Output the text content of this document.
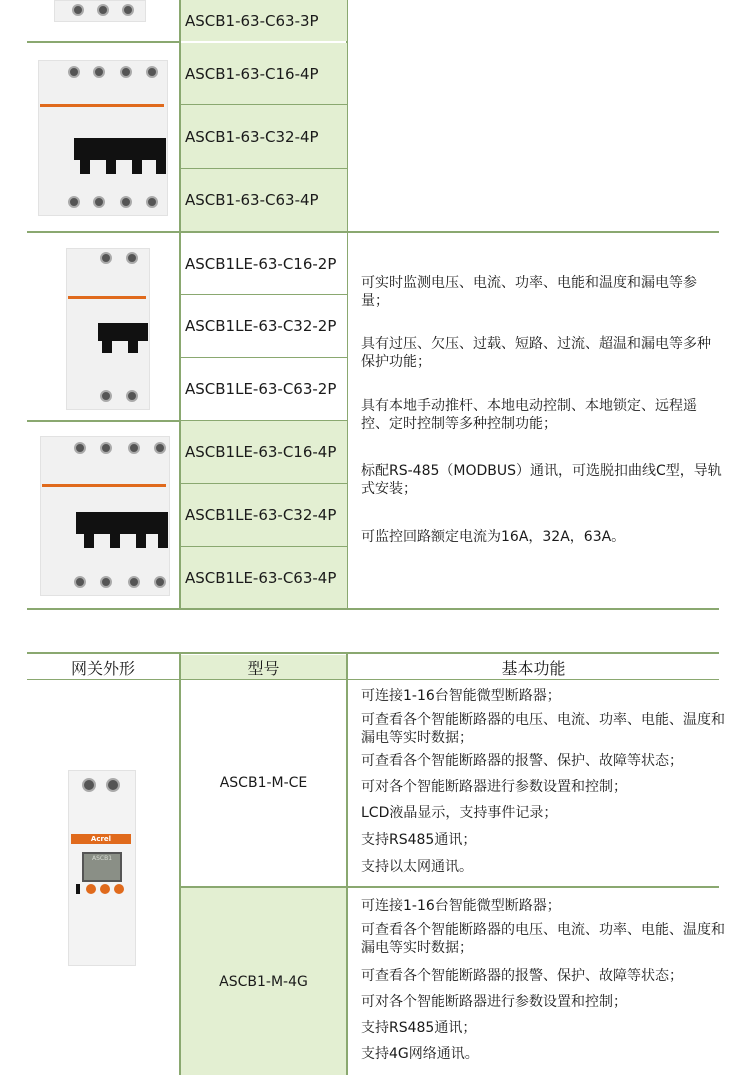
ASCB1-63-C63-3P
ASCB1-63-C16-4P
ASCB1-63-C32-4P
ASCB1-63-C63-4P
ASCB1LE-63-C16-2P
ASCB1LE-63-C32-2P
ASCB1LE-63-C63-2P
ASCB1LE-63-C16-4P
ASCB1LE-63-C32-4P
ASCB1LE-63-C63-4P
可实时监测电压、电流、功率、电能和温度和漏电等参量；
具有过压、欠压、过载、短路、过流、超温和漏电等多种保护功能；
具有本地手动推杆、本地电动控制、本地锁定、远程遥控、定时控制等多种控制功能；
标配RS-485（MODBUS）通讯，可选脱扣曲线C型，导轨式安装；
可监控回路额定电流为16A，32A，63A。
网关外形	型号	基本功能
ASCB1-M-CE
ASCB1-M-4G
可连接1-16台智能微型断路器；
可查看各个智能断路器的电压、电流、功率、电能、温度和漏电等实时数据；
可查看各个智能断路器的报警、保护、故障等状态；
可对各个智能断路器进行参数设置和控制；
LCD液晶显示，支持事件记录；
支持RS485通讯；
支持以太网通讯。
可连接1-16台智能微型断路器；
可查看各个智能断路器的电压、电流、功率、电能、温度和漏电等实时数据；
可查看各个智能断路器的报警、保护、故障等状态；
可对各个智能断路器进行参数设置和控制；
支持RS485通讯；
支持4G网络通讯。
Acrel
ASCB1
